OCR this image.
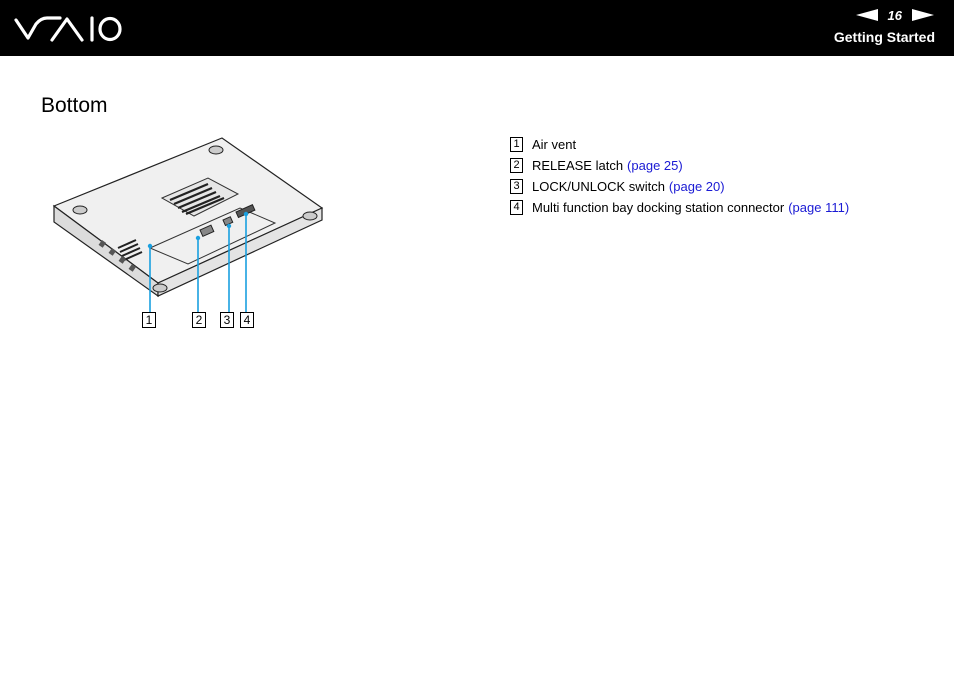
16
Getting Started
Bottom
1	2	3	4
1 Air vent
2 RELEASE latch (page 25)
3 LOCK/UNLOCK switch (page 20)
4 Multi function bay docking station connector (page 111)
